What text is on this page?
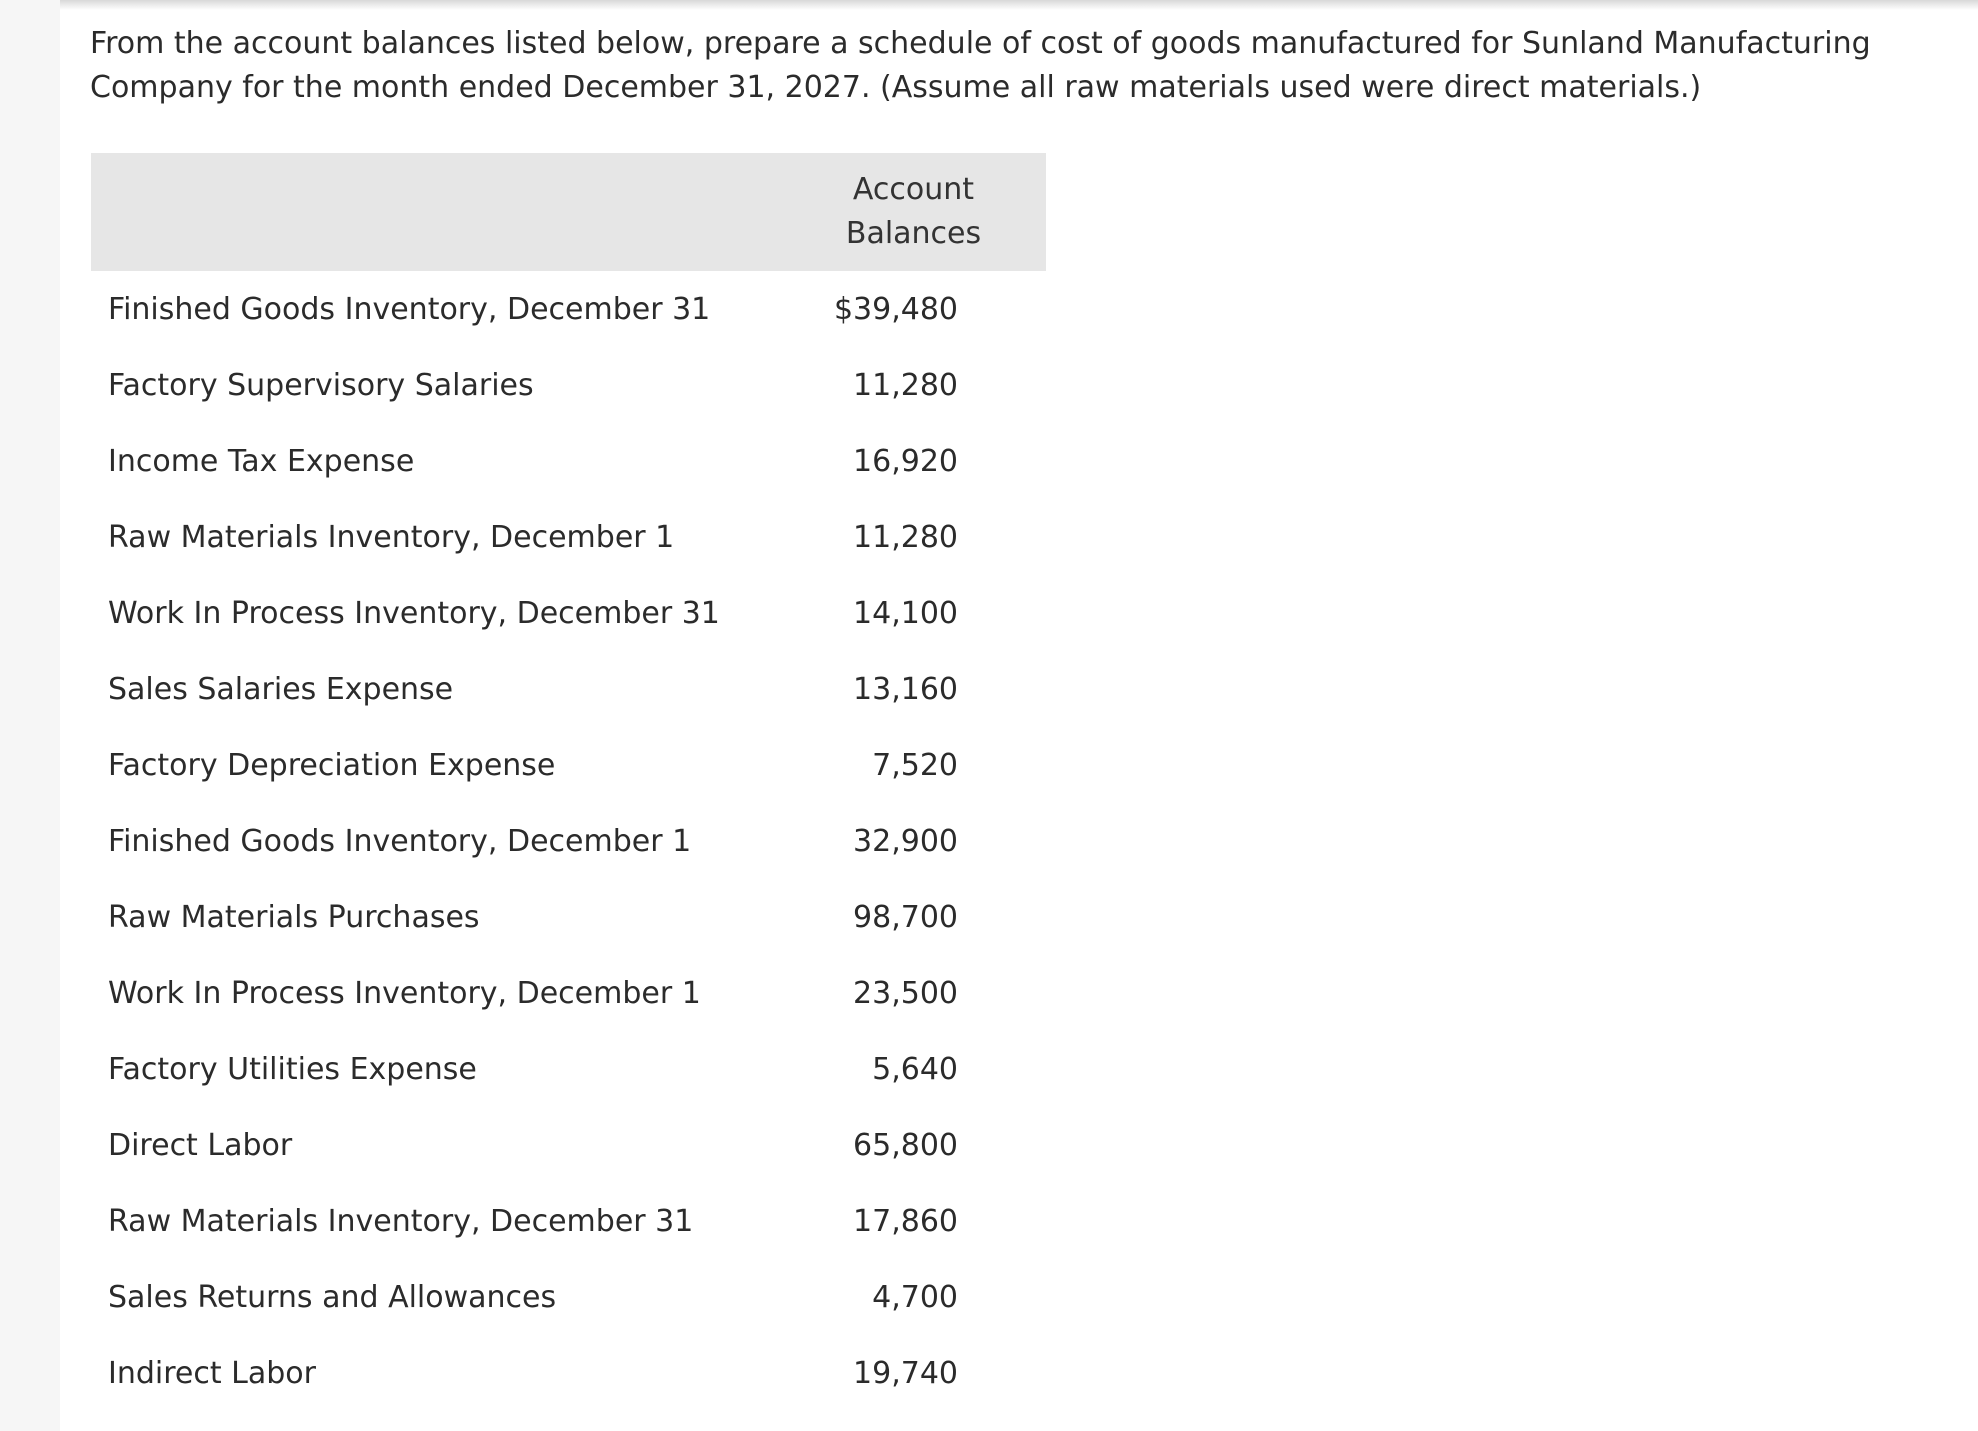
From the account balances listed below, prepare a schedule of cost of goods manufactured for Sunland Manufacturing Company for the month ended December 31, 2027. (Assume all raw materials used were direct materials.)

	Account
Balances

Finished Goods Inventory, December 31	$39,480
Factory Supervisory Salaries	11,280
Income Tax Expense	16,920
Raw Materials Inventory, December 1	11,280
Work In Process Inventory, December 31	14,100
Sales Salaries Expense	13,160
Factory Depreciation Expense	7,520
Finished Goods Inventory, December 1	32,900
Raw Materials Purchases	98,700
Work In Process Inventory, December 1	23,500
Factory Utilities Expense	5,640
Direct Labor	65,800
Raw Materials Inventory, December 31	17,860
Sales Returns and Allowances	4,700
Indirect Labor	19,740
